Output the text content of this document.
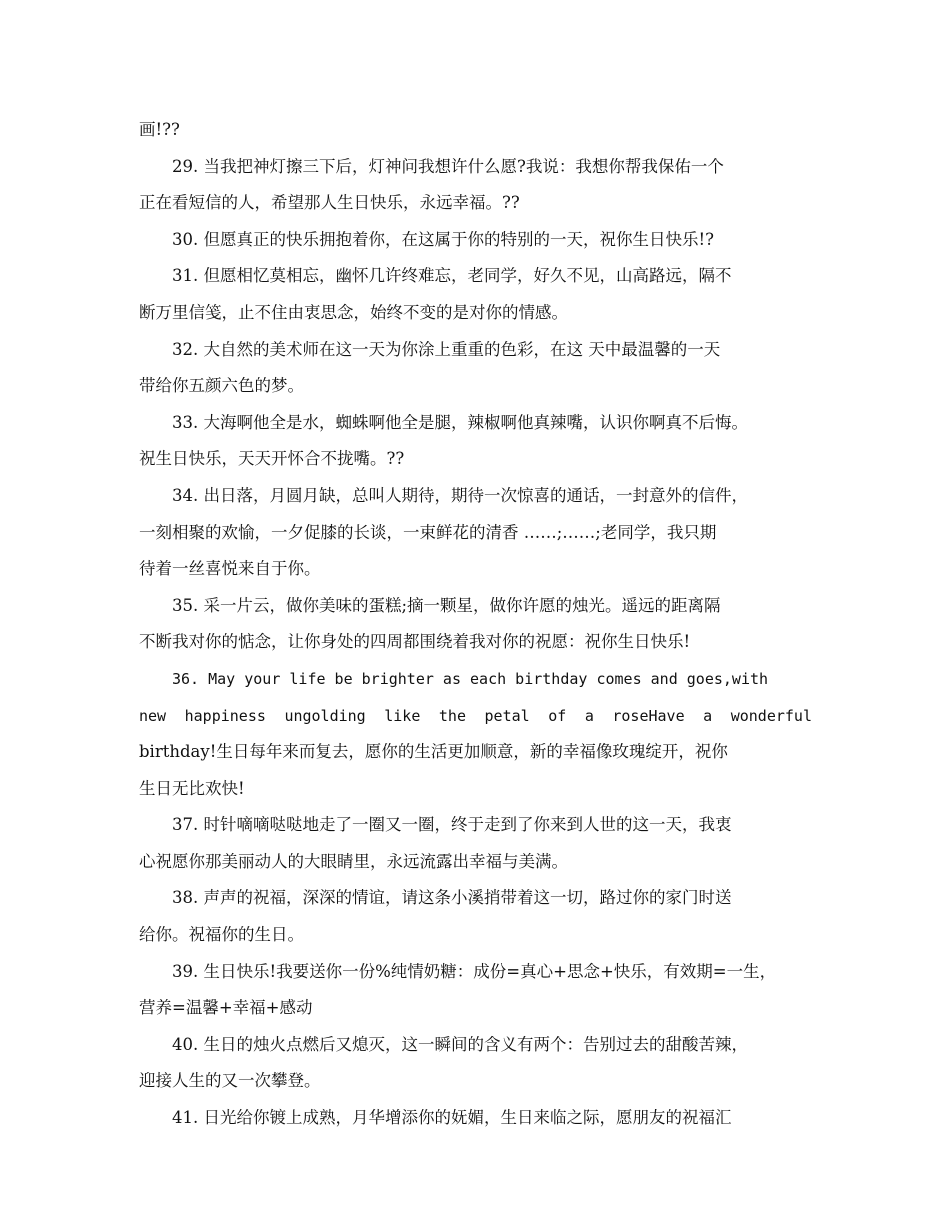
画!??
29. 当我把神灯擦三下后，灯神问我想许什么愿?我说：我想你帮我保佑一个
正在看短信的人，希望那人生日快乐，永远幸福。??
30. 但愿真正的快乐拥抱着你，在这属于你的特别的一天，祝你生日快乐!?
31. 但愿相忆莫相忘，幽怀几许终难忘，老同学，好久不见，山高路远，隔不
断万里信笺，止不住由衷思念，始终不变的是对你的情感。
32. 大自然的美术师在这一天为你涂上重重的色彩，在这 天中最温馨的一天
带给你五颜六色的梦。
33. 大海啊他全是水，蜘蛛啊他全是腿，辣椒啊他真辣嘴，认识你啊真不后悔。
祝生日快乐，天天开怀合不拢嘴。??
34. 出日落，月圆月缺，总叫人期待，期待一次惊喜的通话，一封意外的信件，
一刻相聚的欢愉，一夕促膝的长谈，一束鲜花的清香 ……;……;老同学，我只期
待着一丝喜悦来自于你。
35. 采一片云，做你美味的蛋糕;摘一颗星，做你许愿的烛光。遥远的距离隔
不断我对你的惦念，让你身处的四周都围绕着我对你的祝愿：祝你生日快乐!
36. May your life be brighter as each birthday comes and goes,with
new happiness ungolding like the petal of a roseHave a wonderful
birthday!生日每年来而复去，愿你的生活更加顺意，新的幸福像玫瑰绽开，祝你
生日无比欢快!
37. 时针嘀嘀哒哒地走了一圈又一圈，终于走到了你来到人世的这一天，我衷
心祝愿你那美丽动人的大眼睛里，永远流露出幸福与美满。
38. 声声的祝福，深深的情谊，请这条小溪捎带着这一切，路过你的家门时送
给你。祝福你的生日。
39. 生日快乐!我要送你一份%纯情奶糖：成份=真心+思念+快乐，有效期=一生，
营养=温馨+幸福+感动
40. 生日的烛火点燃后又熄灭，这一瞬间的含义有两个：告别过去的甜酸苦辣，
迎接人生的又一次攀登。
41. 日光给你镀上成熟，月华增添你的妩媚，生日来临之际，愿朋友的祝福汇
